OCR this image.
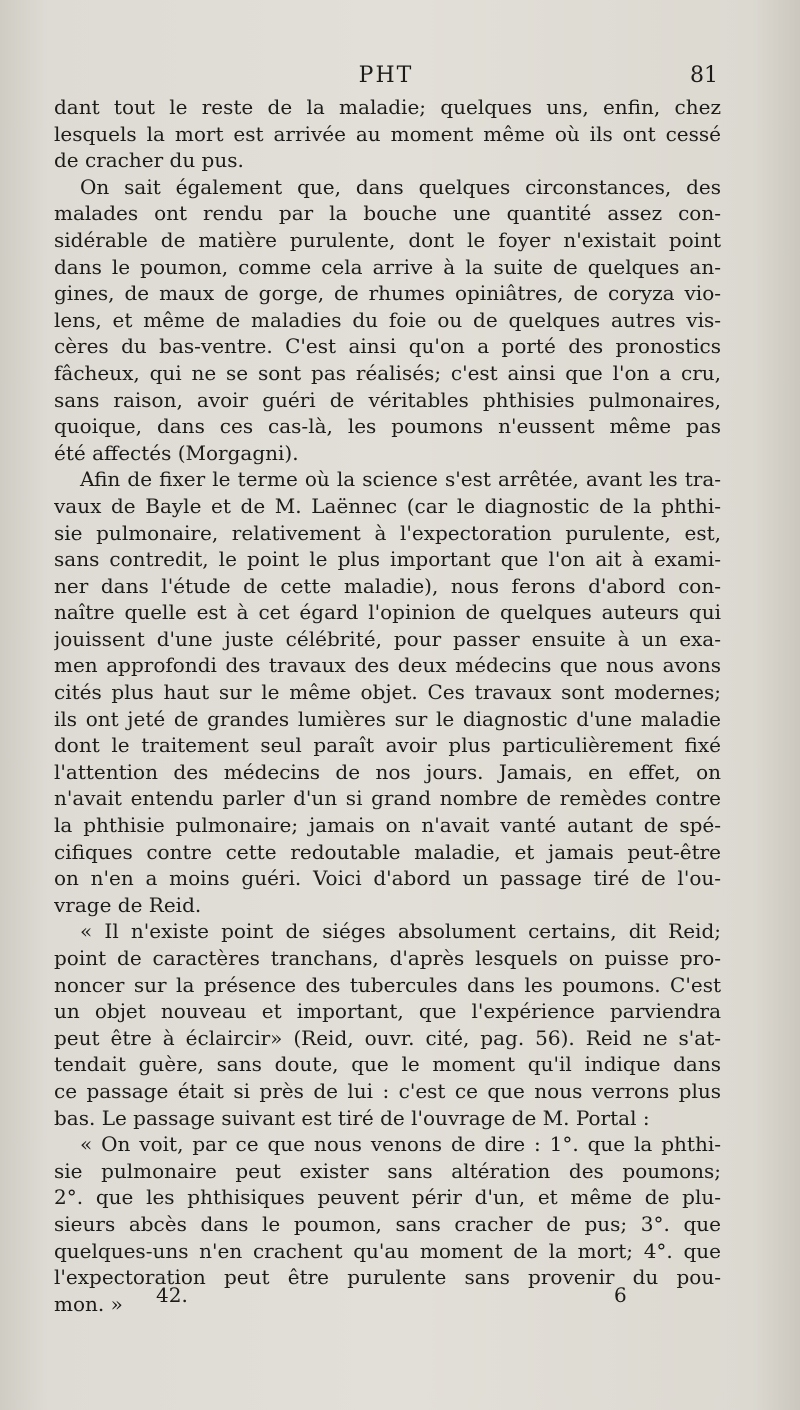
PHT	81
dant tout le reste de la maladie; quelques uns, enfin, chez
lesquels la mort est arrivée au moment même où ils ont cessé
de cracher du pus.
On sait également que, dans quelques circonstances, des
malades ont rendu par la bouche une quantité assez con-
sidérable de matière purulente, dont le foyer n'existait point
dans le poumon, comme cela arrive à la suite de quelques an-
gines, de maux de gorge, de rhumes opiniâtres, de coryza vio-
lens, et même de maladies du foie ou de quelques autres vis-
cères du bas-ventre. C'est ainsi qu'on a porté des pronostics
fâcheux, qui ne se sont pas réalisés; c'est ainsi que l'on a cru,
sans raison, avoir guéri de véritables phthisies pulmonaires,
quoique, dans ces cas-là, les poumons n'eussent même pas
été affectés (Morgagni).
Afin de fixer le terme où la science s'est arrêtée, avant les tra-
vaux de Bayle et de M. Laënnec (car le diagnostic de la phthi-
sie pulmonaire, relativement à l'expectoration purulente, est,
sans contredit, le point le plus important que l'on ait à exami-
ner dans l'étude de cette maladie), nous ferons d'abord con-
naître quelle est à cet égard l'opinion de quelques auteurs qui
jouissent d'une juste célébrité, pour passer ensuite à un exa-
men approfondi des travaux des deux médecins que nous avons
cités plus haut sur le même objet. Ces travaux sont modernes;
ils ont jeté de grandes lumières sur le diagnostic d'une maladie
dont le traitement seul paraît avoir plus particulièrement fixé
l'attention des médecins de nos jours. Jamais, en effet, on
n'avait entendu parler d'un si grand nombre de remèdes contre
la phthisie pulmonaire; jamais on n'avait vanté autant de spé-
cifiques contre cette redoutable maladie, et jamais peut-être
on n'en a moins guéri. Voici d'abord un passage tiré de l'ou-
vrage de Reid.
« Il n'existe point de siéges absolument certains, dit Reid;
point de caractères tranchans, d'après lesquels on puisse pro-
noncer sur la présence des tubercules dans les poumons. C'est
un objet nouveau et important, que l'expérience parviendra
peut être à éclaircir» (Reid, ouvr. cité, pag. 56). Reid ne s'at-
tendait guère, sans doute, que le moment qu'il indique dans
ce passage était si près de lui : c'est ce que nous verrons plus
bas. Le passage suivant est tiré de l'ouvrage de M. Portal :
« On voit, par ce que nous venons de dire : 1°. que la phthi-
sie pulmonaire peut exister sans altération des poumons;
2°. que les phthisiques peuvent périr d'un, et même de plu-
sieurs abcès dans le poumon, sans cracher de pus; 3°. que
quelques-uns n'en crachent qu'au moment de la mort; 4°. que
l'expectoration peut être purulente sans provenir du pou-
mon. »	42.	6
